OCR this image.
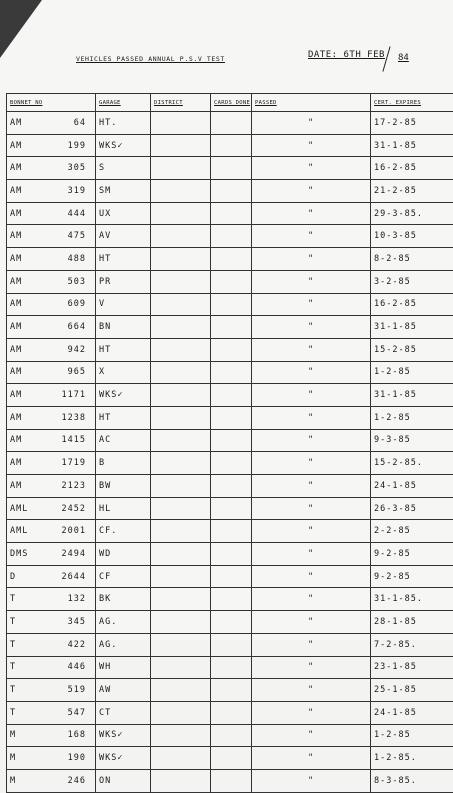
VEHICLES PASSED ANNUAL P.S.V TEST	DATE: 6TH FEB 84
BONNET NO	GARAGE	DISTRICT	CARDS DONE	PASSED	CERT. EXPIRES

AM 64	HT.			"	17-2-85

AM 199	WKS✓			"	31-1-85

AM 305	S			"	16-2-85

AM 319	SM			"	21-2-85

AM 444	UX			"	29-3-85.

AM 475	AV			"	10-3-85

AM 488	HT			"	8-2-85

AM 503	PR			"	3-2-85

AM 609	V			"	16-2-85

AM 664	BN			"	31-1-85

AM 942	HT			"	15-2-85

AM 965	X			"	1-2-85

AM 1171	WKS✓			"	31-1-85

AM 1238	HT			"	1-2-85

AM 1415	AC			"	9-3-85

AM 1719	B			"	15-2-85.

AM 2123	BW			"	24-1-85

AML 2452	HL			"	26-3-85

AML 2001	CF.			"	2-2-85

DMS 2494	WD			"	9-2-85

D 2644	CF			"	9-2-85

T 132	BK			"	31-1-85.

T 345	AG.			"	28-1-85

T 422	AG.			"	7-2-85.

T 446	WH			"	23-1-85

T 519	AW			"	25-1-85

T 547	CT			"	24-1-85

M 168	WKS✓			"	1-2-85

M 190	WKS✓			"	1-2-85.

M 246	ON			"	8-3-85.
